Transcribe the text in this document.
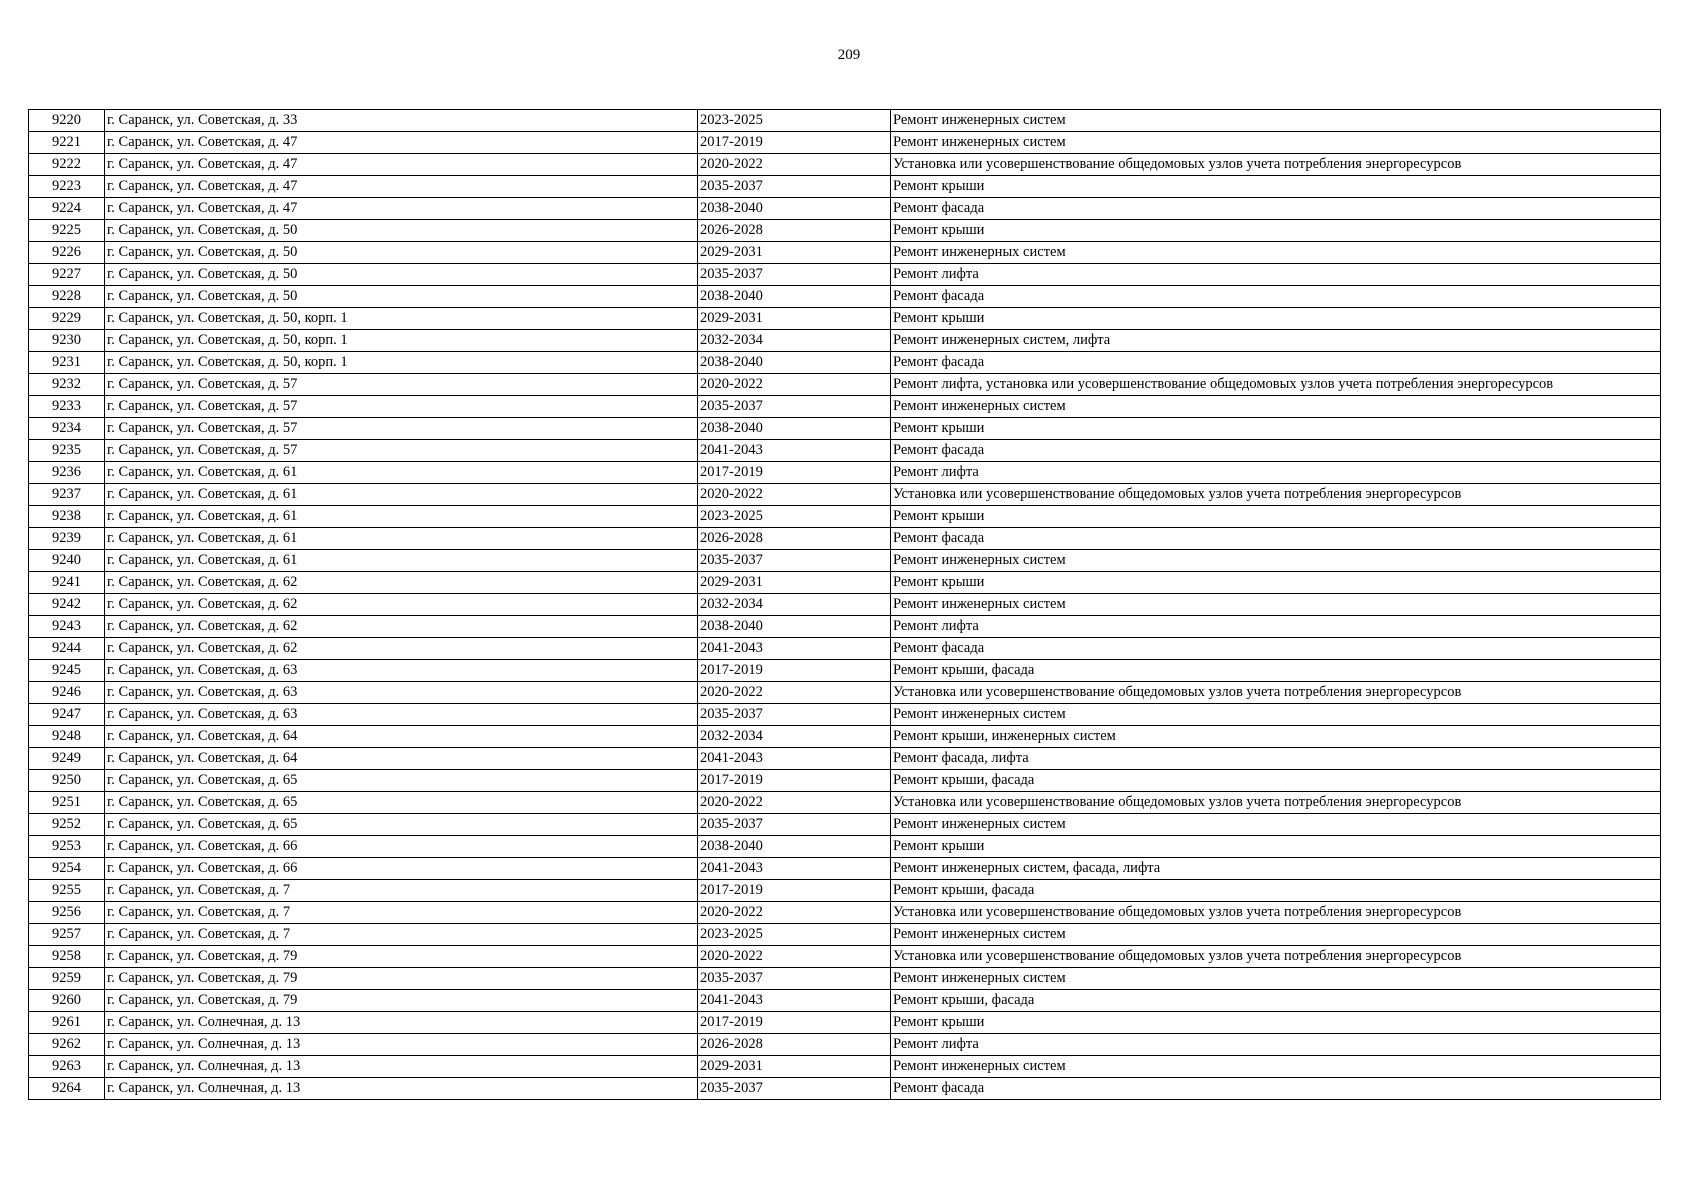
209
9220	г. Саранск, ул. Советская, д. 33	2023-2025	Ремонт инженерных систем
9221	г. Саранск, ул. Советская, д. 47	2017-2019	Ремонт инженерных систем
9222	г. Саранск, ул. Советская, д. 47	2020-2022	Установка или усовершенствование общедомовых узлов учета потребления энергоресурсов
9223	г. Саранск, ул. Советская, д. 47	2035-2037	Ремонт крыши
9224	г. Саранск, ул. Советская, д. 47	2038-2040	Ремонт фасада
9225	г. Саранск, ул. Советская, д. 50	2026-2028	Ремонт крыши
9226	г. Саранск, ул. Советская, д. 50	2029-2031	Ремонт инженерных систем
9227	г. Саранск, ул. Советская, д. 50	2035-2037	Ремонт лифта
9228	г. Саранск, ул. Советская, д. 50	2038-2040	Ремонт фасада
9229	г. Саранск, ул. Советская, д. 50, корп. 1	2029-2031	Ремонт крыши
9230	г. Саранск, ул. Советская, д. 50, корп. 1	2032-2034	Ремонт инженерных систем, лифта
9231	г. Саранск, ул. Советская, д. 50, корп. 1	2038-2040	Ремонт фасада
9232	г. Саранск, ул. Советская, д. 57	2020-2022	Ремонт лифта, установка или усовершенствование общедомовых узлов учета потребления энергоресурсов
9233	г. Саранск, ул. Советская, д. 57	2035-2037	Ремонт инженерных систем
9234	г. Саранск, ул. Советская, д. 57	2038-2040	Ремонт крыши
9235	г. Саранск, ул. Советская, д. 57	2041-2043	Ремонт фасада
9236	г. Саранск, ул. Советская, д. 61	2017-2019	Ремонт лифта
9237	г. Саранск, ул. Советская, д. 61	2020-2022	Установка или усовершенствование общедомовых узлов учета потребления энергоресурсов
9238	г. Саранск, ул. Советская, д. 61	2023-2025	Ремонт крыши
9239	г. Саранск, ул. Советская, д. 61	2026-2028	Ремонт фасада
9240	г. Саранск, ул. Советская, д. 61	2035-2037	Ремонт инженерных систем
9241	г. Саранск, ул. Советская, д. 62	2029-2031	Ремонт крыши
9242	г. Саранск, ул. Советская, д. 62	2032-2034	Ремонт инженерных систем
9243	г. Саранск, ул. Советская, д. 62	2038-2040	Ремонт лифта
9244	г. Саранск, ул. Советская, д. 62	2041-2043	Ремонт фасада
9245	г. Саранск, ул. Советская, д. 63	2017-2019	Ремонт крыши, фасада
9246	г. Саранск, ул. Советская, д. 63	2020-2022	Установка или усовершенствование общедомовых узлов учета потребления энергоресурсов
9247	г. Саранск, ул. Советская, д. 63	2035-2037	Ремонт инженерных систем
9248	г. Саранск, ул. Советская, д. 64	2032-2034	Ремонт крыши, инженерных систем
9249	г. Саранск, ул. Советская, д. 64	2041-2043	Ремонт фасада, лифта
9250	г. Саранск, ул. Советская, д. 65	2017-2019	Ремонт крыши, фасада
9251	г. Саранск, ул. Советская, д. 65	2020-2022	Установка или усовершенствование общедомовых узлов учета потребления энергоресурсов
9252	г. Саранск, ул. Советская, д. 65	2035-2037	Ремонт инженерных систем
9253	г. Саранск, ул. Советская, д. 66	2038-2040	Ремонт крыши
9254	г. Саранск, ул. Советская, д. 66	2041-2043	Ремонт инженерных систем, фасада, лифта
9255	г. Саранск, ул. Советская, д. 7	2017-2019	Ремонт крыши, фасада
9256	г. Саранск, ул. Советская, д. 7	2020-2022	Установка или усовершенствование общедомовых узлов учета потребления энергоресурсов
9257	г. Саранск, ул. Советская, д. 7	2023-2025	Ремонт инженерных систем
9258	г. Саранск, ул. Советская, д. 79	2020-2022	Установка или усовершенствование общедомовых узлов учета потребления энергоресурсов
9259	г. Саранск, ул. Советская, д. 79	2035-2037	Ремонт инженерных систем
9260	г. Саранск, ул. Советская, д. 79	2041-2043	Ремонт крыши, фасада
9261	г. Саранск, ул. Солнечная, д. 13	2017-2019	Ремонт крыши
9262	г. Саранск, ул. Солнечная, д. 13	2026-2028	Ремонт лифта
9263	г. Саранск, ул. Солнечная, д. 13	2029-2031	Ремонт инженерных систем
9264	г. Саранск, ул. Солнечная, д. 13	2035-2037	Ремонт фасада
